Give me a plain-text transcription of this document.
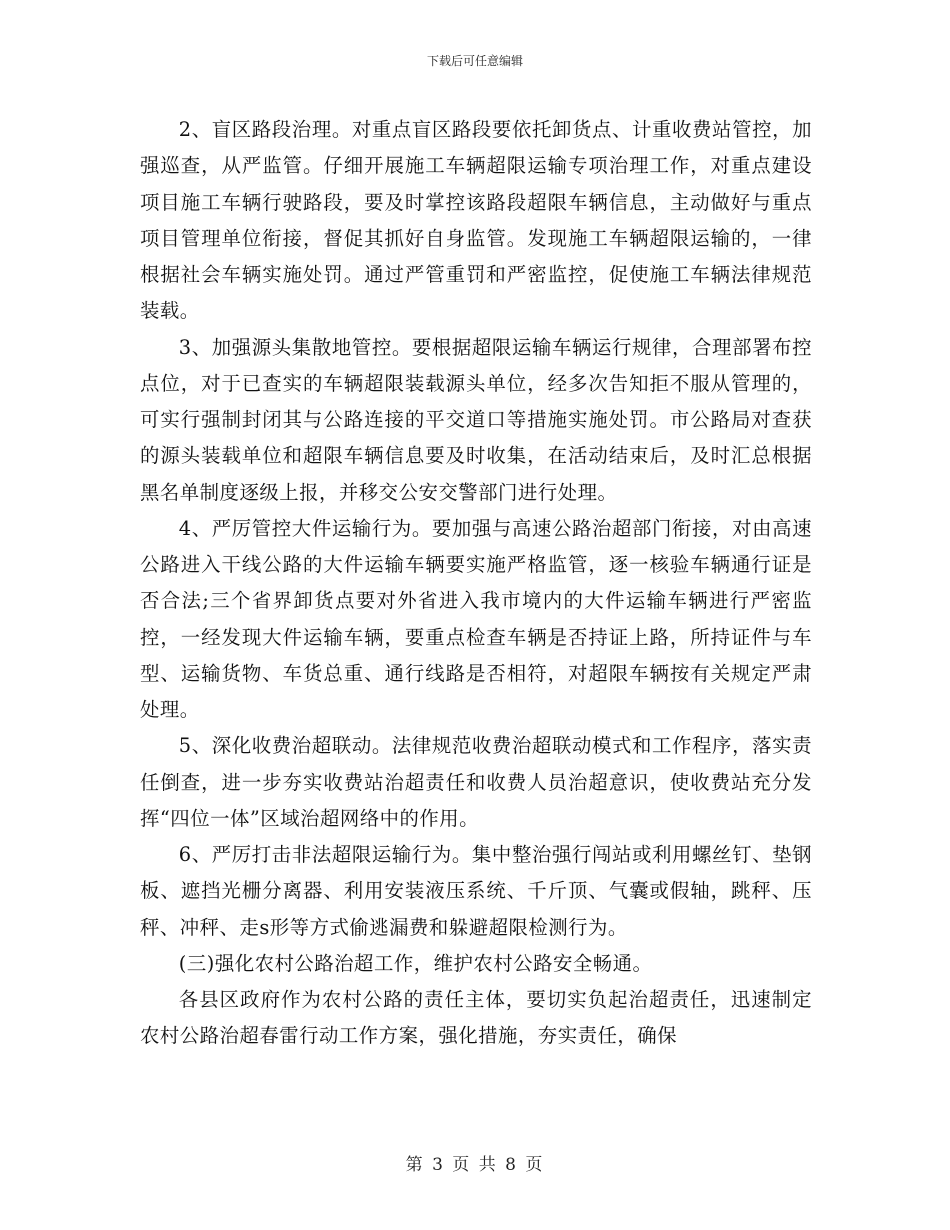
下载后可任意编辑

2、盲区路段治理。对重点盲区路段要依托卸货点、计重收费站管控，加强巡查，从严监管。仔细开展施工车辆超限运输专项治理工作，对重点建设项目施工车辆行驶路段，要及时掌控该路段超限车辆信息，主动做好与重点项目管理单位衔接，督促其抓好自身监管。发现施工车辆超限运输的，一律根据社会车辆实施处罚。通过严管重罚和严密监控，促使施工车辆法律规范装载。

3、加强源头集散地管控。要根据超限运输车辆运行规律，合理部署布控点位，对于已查实的车辆超限装载源头单位，经多次告知拒不服从管理的，可实行强制封闭其与公路连接的平交道口等措施实施处罚。市公路局对查获的源头装载单位和超限车辆信息要及时收集，在活动结束后，及时汇总根据黑名单制度逐级上报，并移交公安交警部门进行处理。

4、严厉管控大件运输行为。要加强与高速公路治超部门衔接，对由高速公路进入干线公路的大件运输车辆要实施严格监管，逐一核验车辆通行证是否合法;三个省界卸货点要对外省进入我市境内的大件运输车辆进行严密监控，一经发现大件运输车辆，要重点检查车辆是否持证上路，所持证件与车型、运输货物、车货总重、通行线路是否相符，对超限车辆按有关规定严肃处理。

5、深化收费治超联动。法律规范收费治超联动模式和工作程序，落实责任倒查，进一步夯实收费站治超责任和收费人员治超意识，使收费站充分发挥“四位一体”区域治超网络中的作用。

6、严厉打击非法超限运输行为。集中整治强行闯站或利用螺丝钉、垫钢板、遮挡光栅分离器、利用安装液压系统、千斤顶、气囊或假轴，跳秤、压秤、冲秤、走s形等方式偷逃漏费和躲避超限检测行为。

(三)强化农村公路治超工作，维护农村公路安全畅通。

各县区政府作为农村公路的责任主体，要切实负起治超责任，迅速制定农村公路治超春雷行动工作方案，强化措施，夯实责任，确保

第 3 页 共 8 页
